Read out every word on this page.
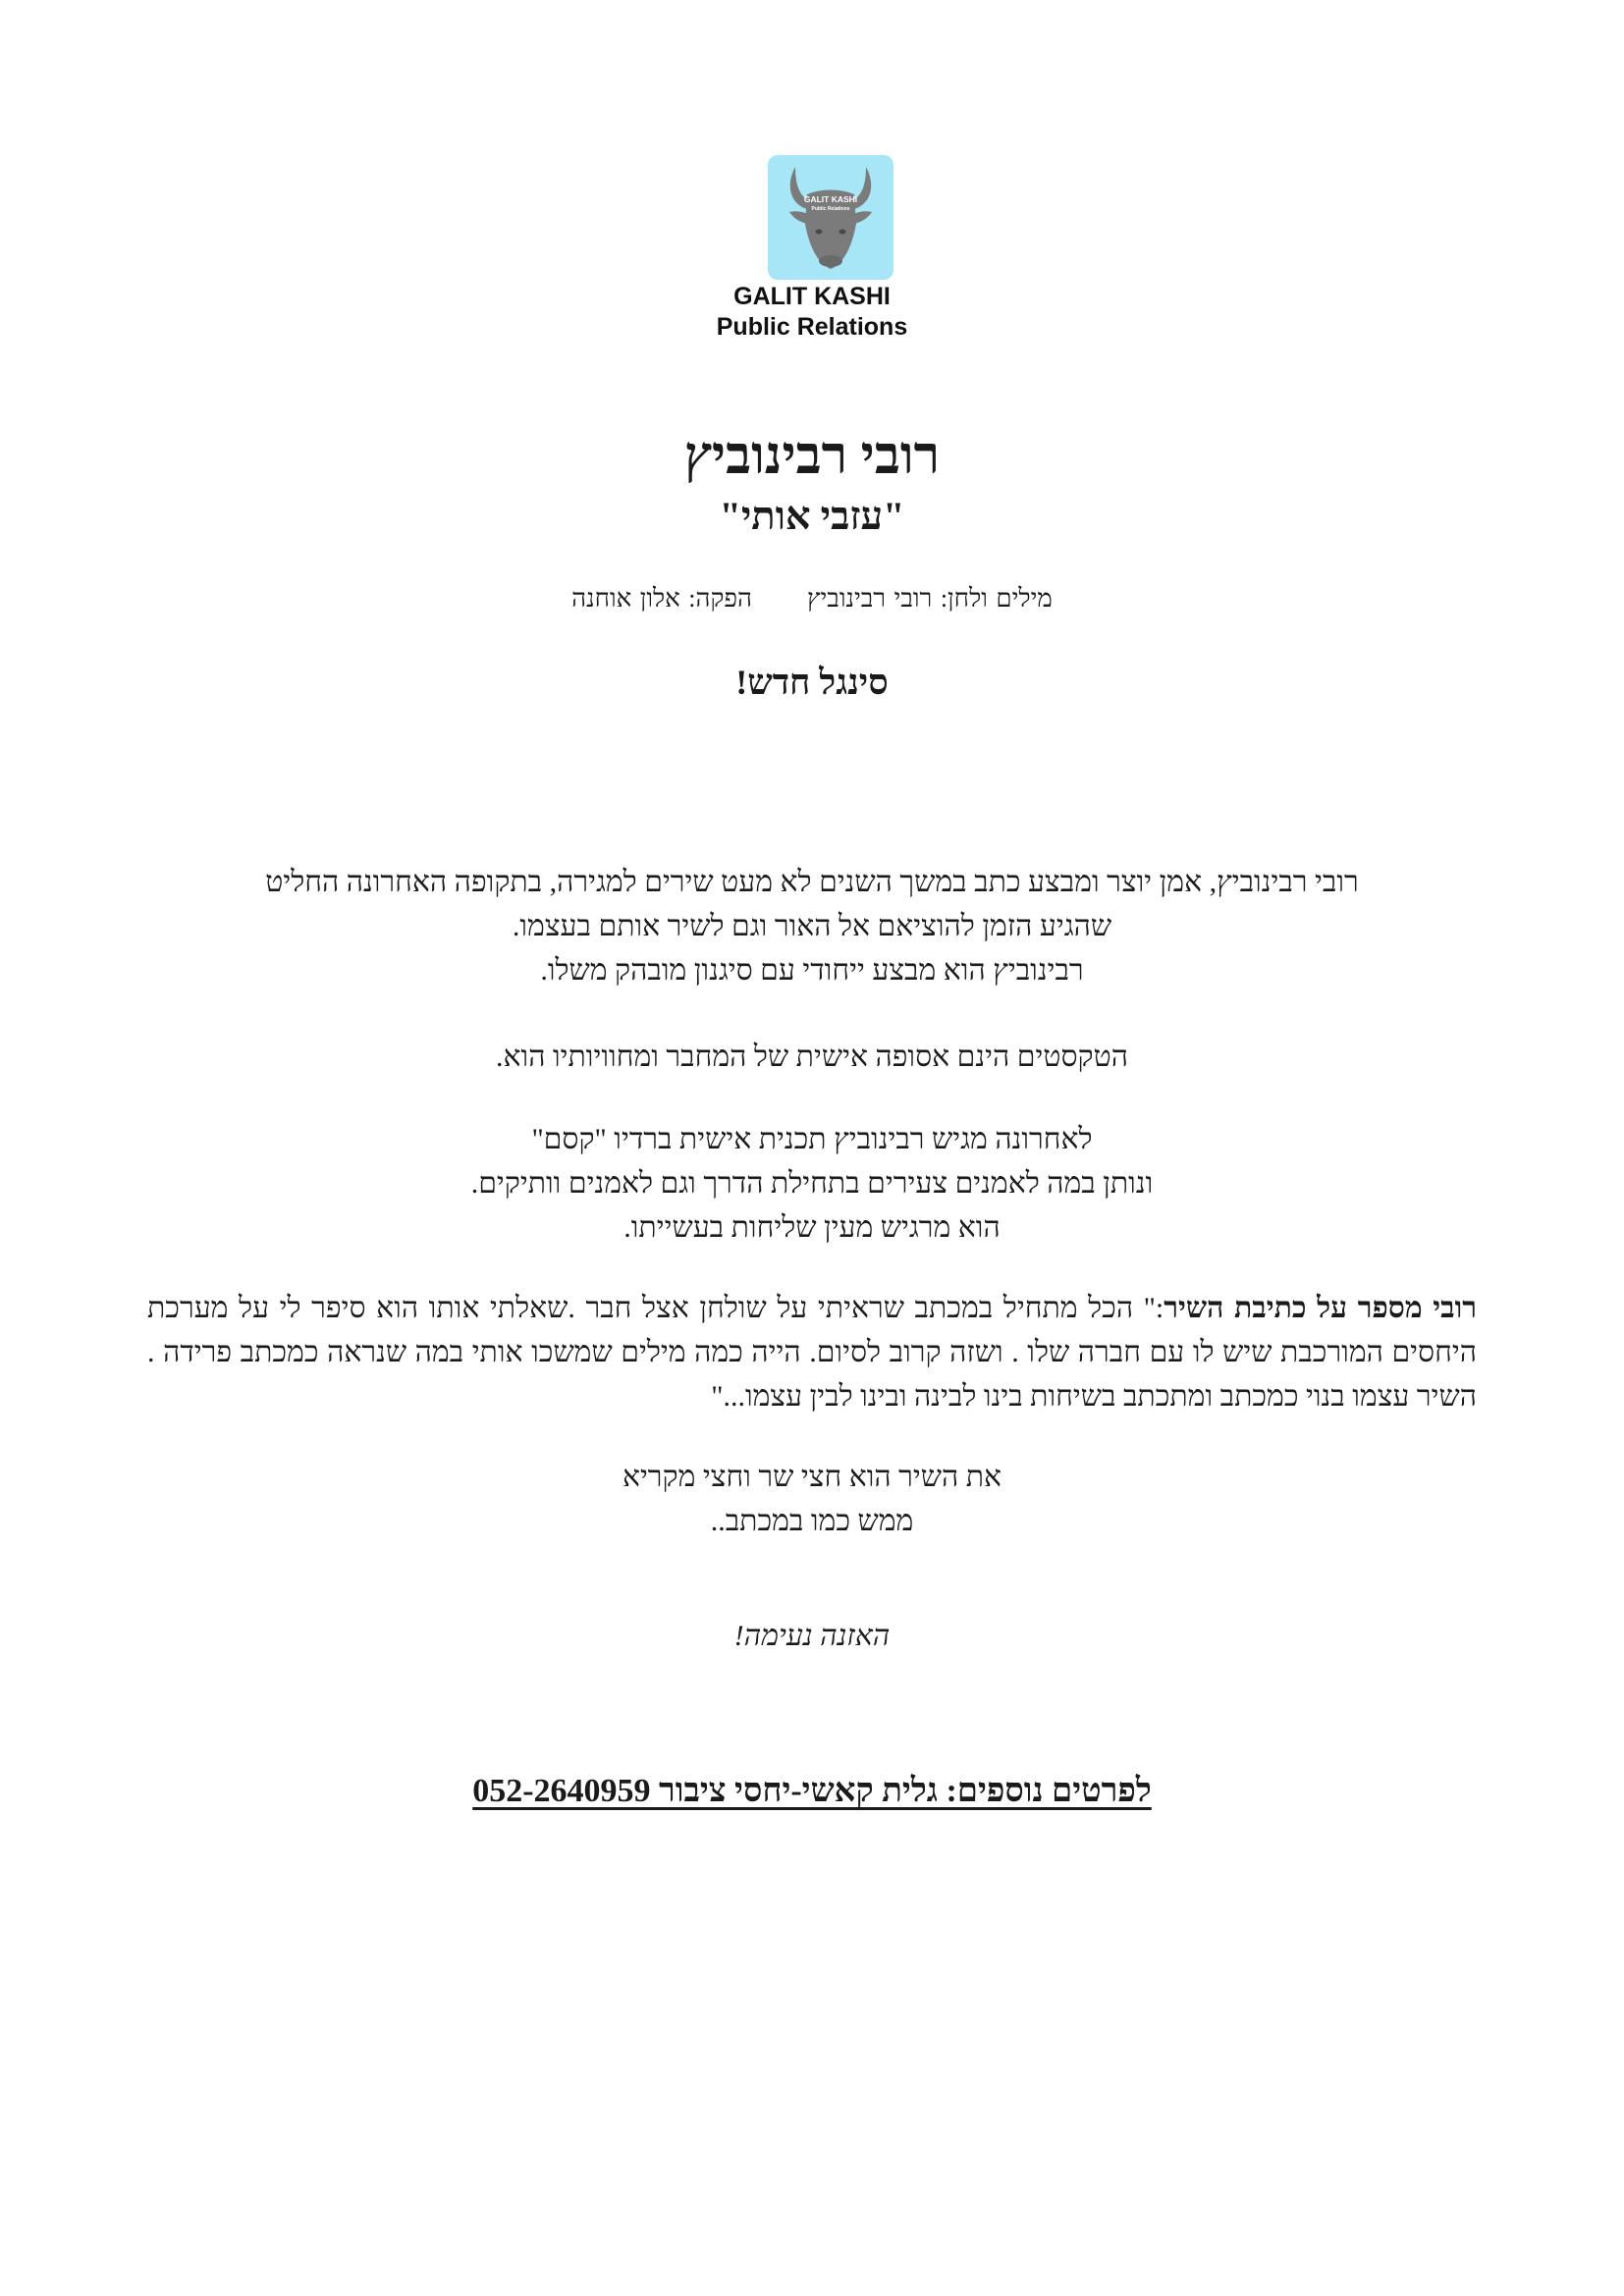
GALIT KASHI
Public Relations
GALIT KASHI
Public Relations
רובי רבינוביץ
"עזבי אותי"
מילים ולחן: רובי רבינוביץהפקה: אלון אוחנה
סינגל חדש!

רובי רבינוביץ, אמן יוצר ומבצע כתב במשך השנים לא מעט שירים למגירה, בתקופה האחרונה החליט

שהגיע הזמן להוציאם אל האור וגם לשיר אותם בעצמו.

רבינוביץ הוא מבצע ייחודי עם סיגנון מובהק משלו.

הטקסטים הינם אסופה אישית של המחבר ומחוויותיו הוא.

לאחרונה מגיש רבינוביץ תכנית אישית ברדיו "קסם"

ונותן במה לאמנים צעירים בתחילת הדרך וגם לאמנים וותיקים.

הוא מרגיש מעין שליחות בעשייתו.

רובי מספר על כתיבת השיר:" הכל מתחיל במכתב שראיתי על שולחן אצל חבר .שאלתי אותו הוא סיפר לי על מערכת היחסים המורכבת שיש לו עם חברה שלו . ושזה קרוב לסיום. הייה כמה מילים שמשכו אותי במה שנראה כמכתב פרידה . השיר עצמו בנוי כמכתב ומתכתב בשיחות בינו לבינה ובינו לבין עצמו..."

את השיר הוא חצי שר וחצי מקריא

ממש כמו במכתב..

האזנה נעימה!

לפרטים נוספים: גלית קאשי-יחסי ציבור 052-2640959
